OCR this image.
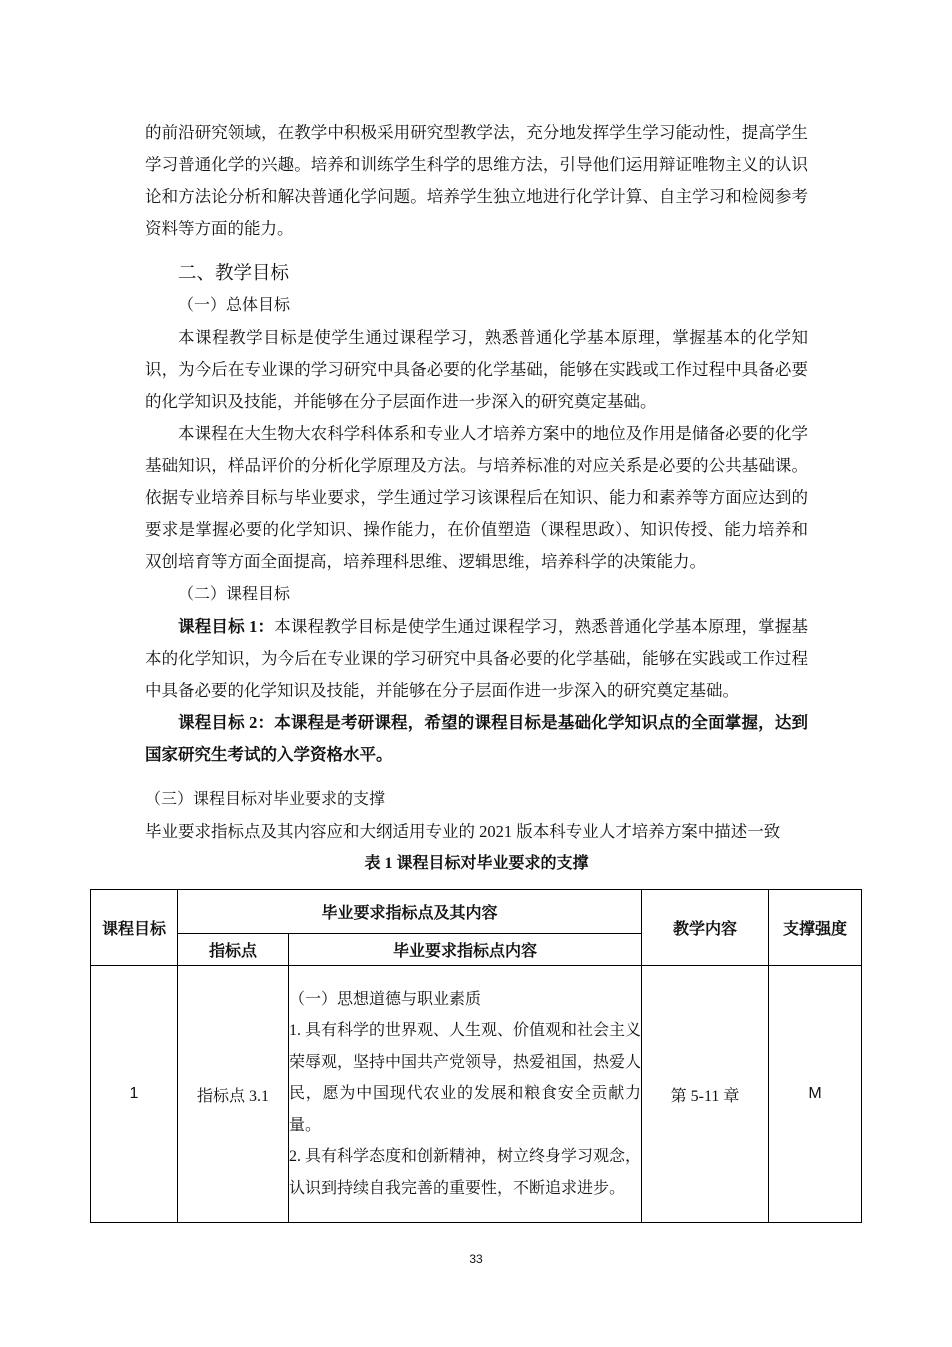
的前沿研究领域，在教学中积极采用研究型教学法，充分地发挥学生学习能动性，提高学生学习普通化学的兴趣。培养和训练学生科学的思维方法，引导他们运用辩证唯物主义的认识论和方法论分析和解决普通化学问题。培养学生独立地进行化学计算、自主学习和检阅参考资料等方面的能力。

二、教学目标
（一）总体目标

本课程教学目标是使学生通过课程学习，熟悉普通化学基本原理，掌握基本的化学知识，为今后在专业课的学习研究中具备必要的化学基础，能够在实践或工作过程中具备必要的化学知识及技能，并能够在分子层面作进一步深入的研究奠定基础。

本课程在大生物大农科学科体系和专业人才培养方案中的地位及作用是储备必要的化学基础知识，样品评价的分析化学原理及方法。与培养标准的对应关系是必要的公共基础课。依据专业培养目标与毕业要求，学生通过学习该课程后在知识、能力和素养等方面应达到的要求是掌握必要的化学知识、操作能力，在价值塑造（课程思政）、知识传授、能力培养和双创培育等方面全面提高，培养理科思维、逻辑思维，培养科学的决策能力。

（二）课程目标

课程目标 1：本课程教学目标是使学生通过课程学习，熟悉普通化学基本原理，掌握基本的化学知识，为今后在专业课的学习研究中具备必要的化学基础，能够在实践或工作过程中具备必要的化学知识及技能，并能够在分子层面作进一步深入的研究奠定基础。

课程目标 2：本课程是考研课程，希望的课程目标是基础化学知识点的全面掌握，达到国家研究生考试的入学资格水平。

（三）课程目标对毕业要求的支撑

毕业要求指标点及其内容应和大纲适用专业的 2021 版本科专业人才培养方案中描述一致

表 1 课程目标对毕业要求的支撑

课程目标	毕业要求指标点及其内容		教学内容	支撑强度
	指标点	毕业要求指标点内容		
1	指标点 3.1	（一）思想道德与职业素质
1. 具有科学的世界观、人生观、价值观和社会主义荣辱观，坚持中国共产党领导，热爱祖国，热爱人民，愿为中国现代农业的发展和粮食安全贡献力量。
2. 具有科学态度和创新精神，树立终身学习观念，认识到持续自我完善的重要性，不断追求进步。	第 5-11 章	M
33
